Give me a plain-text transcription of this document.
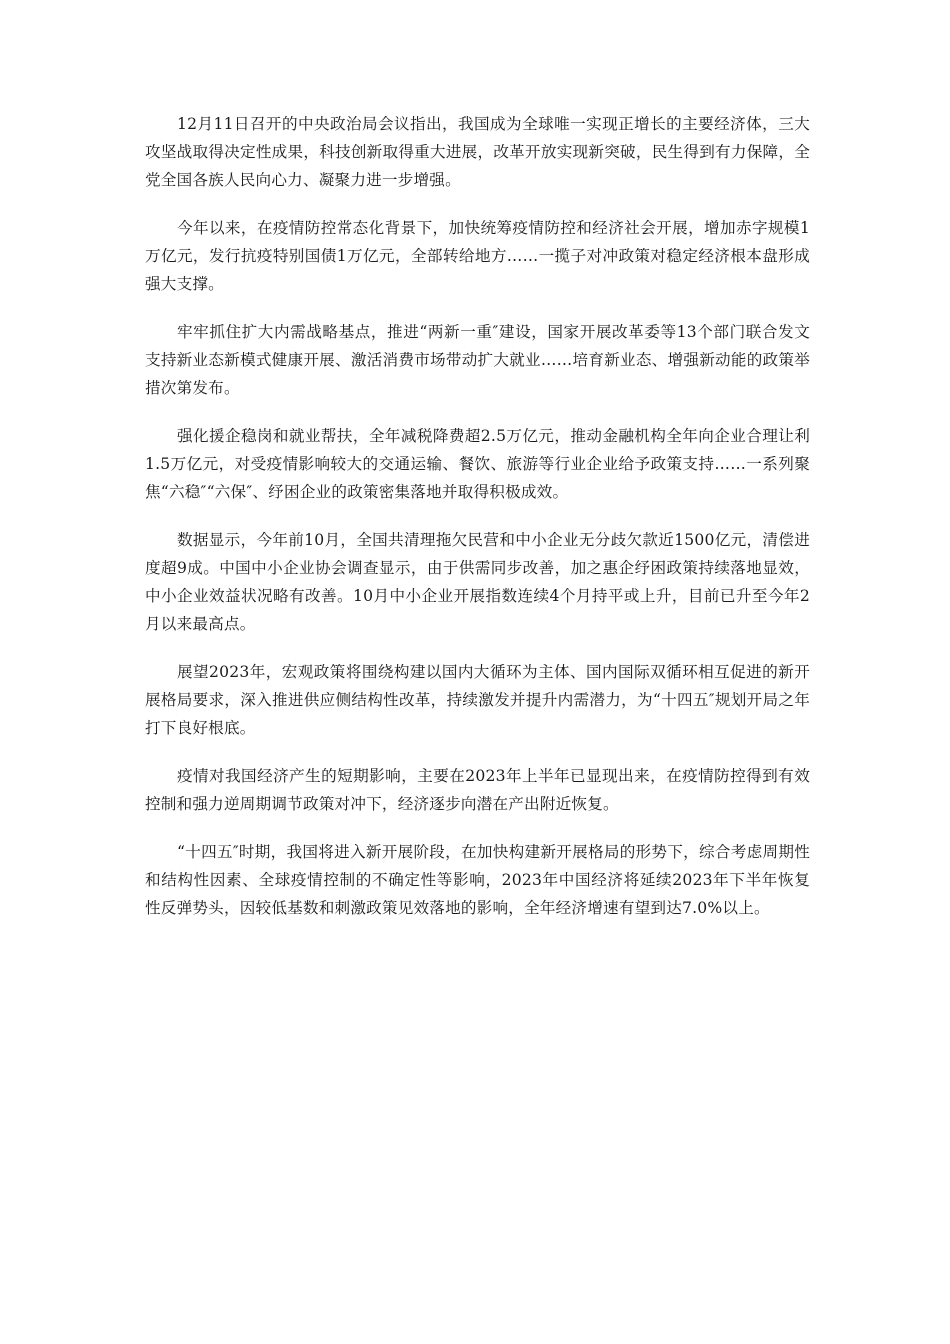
12月11日召开的中央政治局会议指出，我国成为全球唯一实现正增长的主要经济体，三大攻坚战取得决定性成果，科技创新取得重大进展，改革开放实现新突破，民生得到有力保障，全党全国各族人民向心力、凝聚力进一步增强。

今年以来，在疫情防控常态化背景下，加快统筹疫情防控和经济社会开展，增加赤字规模1万亿元，发行抗疫特别国债1万亿元，全部转给地方……一揽子对冲政策对稳定经济根本盘形成强大支撑。

牢牢抓住扩大内需战略基点，推进“两新一重″建设，国家开展改革委等13个部门联合发文支持新业态新模式健康开展、激活消费市场带动扩大就业……培育新业态、增强新动能的政策举措次第发布。

强化援企稳岗和就业帮扶，全年减税降费超2.5万亿元，推动金融机构全年向企业合理让利1.5万亿元，对受疫情影响较大的交通运输、餐饮、旅游等行业企业给予政策支持……一系列聚焦“六稳″“六保″、纾困企业的政策密集落地并取得积极成效。

数据显示，今年前10月，全国共清理拖欠民营和中小企业无分歧欠款近1500亿元，清偿进度超9成。中国中小企业协会调查显示，由于供需同步改善，加之惠企纾困政策持续落地显效，中小企业效益状况略有改善。10月中小企业开展指数连续4个月持平或上升，目前已升至今年2月以来最高点。

展望2023年，宏观政策将围绕构建以国内大循环为主体、国内国际双循环相互促进的新开展格局要求，深入推进供应侧结构性改革，持续激发并提升内需潜力，为“十四五″规划开局之年打下良好根底。

疫情对我国经济产生的短期影响，主要在2023年上半年已显现出来，在疫情防控得到有效控制和强力逆周期调节政策对冲下，经济逐步向潜在产出附近恢复。

“十四五″时期，我国将进入新开展阶段，在加快构建新开展格局的形势下，综合考虑周期性和结构性因素、全球疫情控制的不确定性等影响，2023年中国经济将延续2023年下半年恢复性反弹势头，因较低基数和刺激政策见效落地的影响，全年经济增速有望到达7.0%以上。
